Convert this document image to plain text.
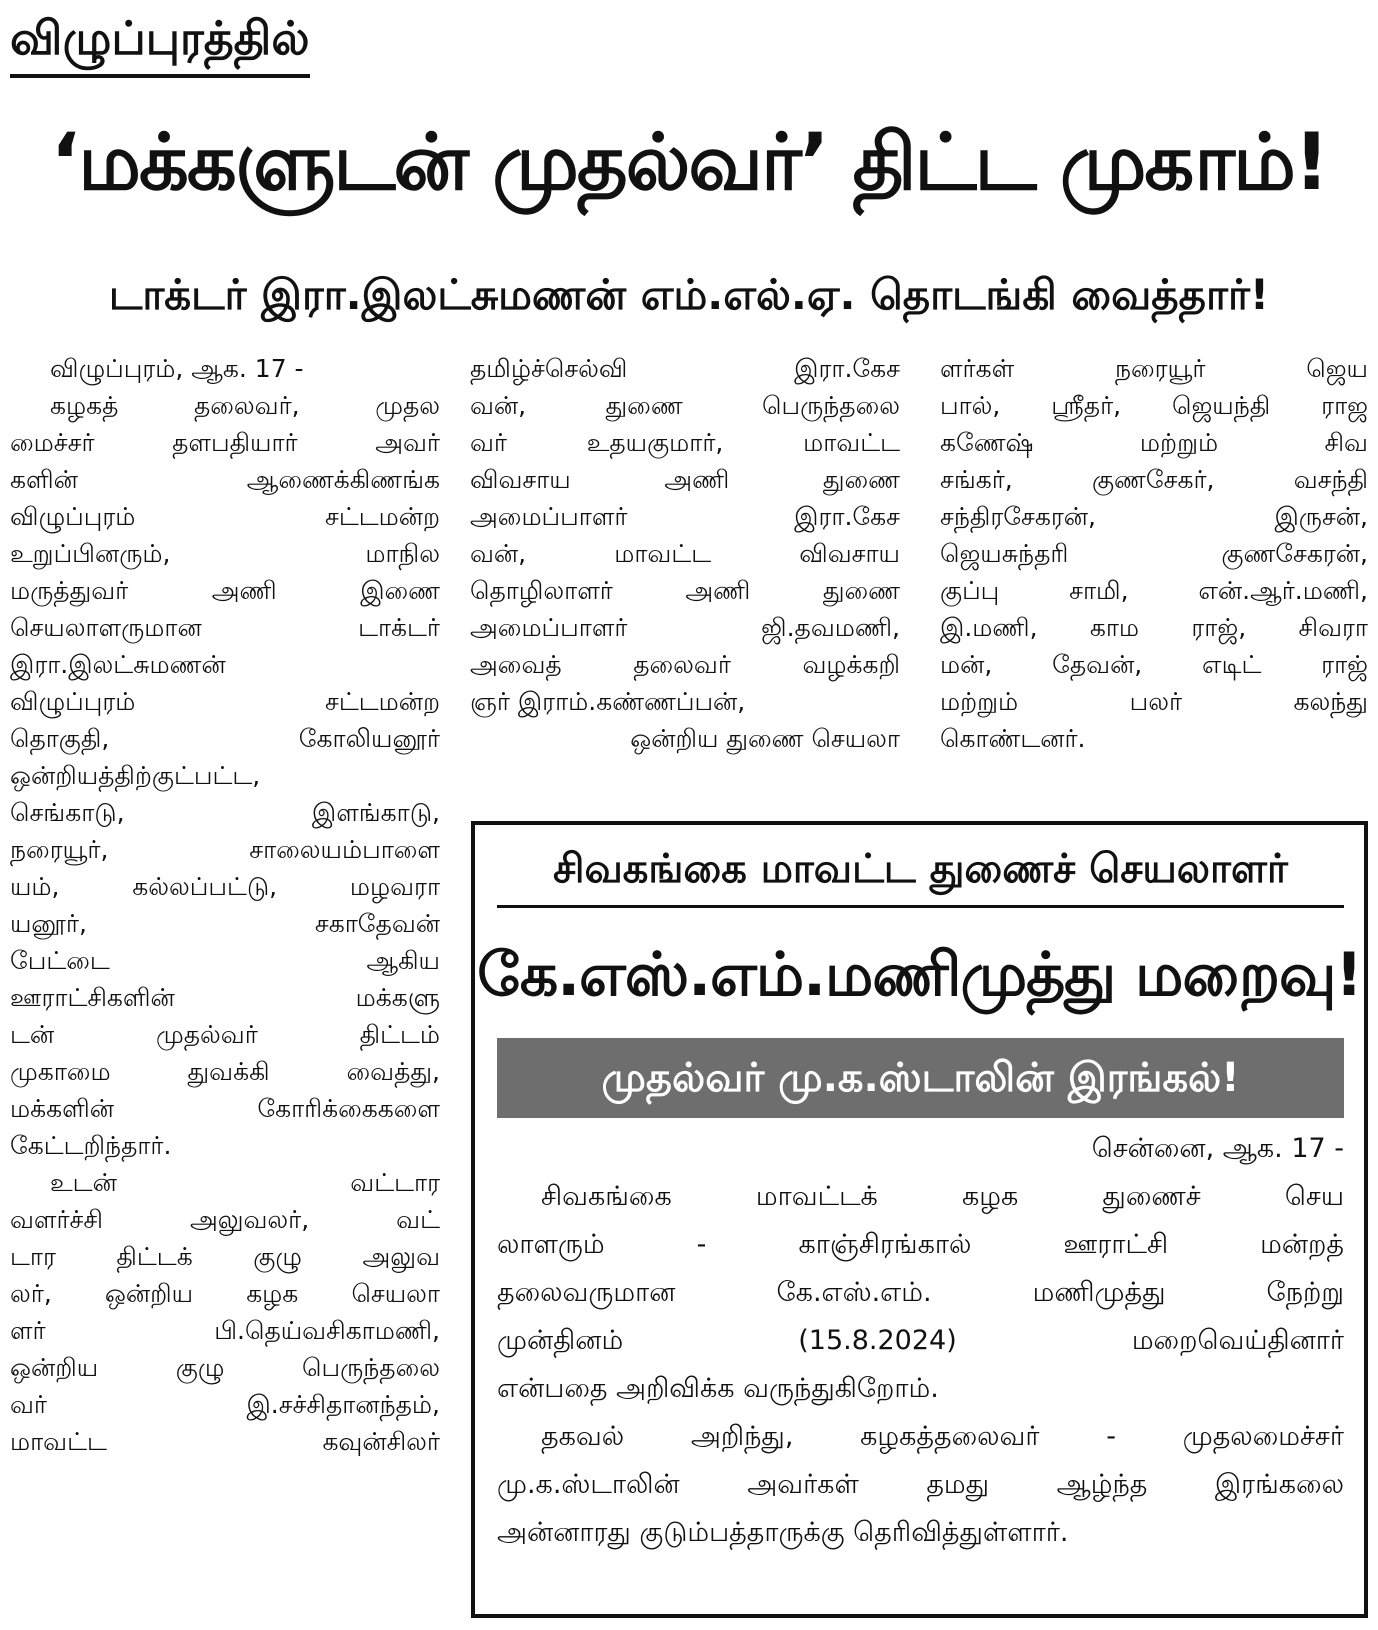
விழுப்புரத்தில்
‘மக்களுடன் முதல்வர்’ திட்ட முகாம்!
டாக்டர் இரா.இலட்சுமணன் எம்.எல்.ஏ. தொடங்கி வைத்தார்!

விழுப்புரம், ஆக. 17 -

கழகத் தலைவர், முதல

மைச்சர் தளபதியார் அவர்

களின் ஆணைக்கிணங்க

விழுப்புரம் சட்டமன்ற

உறுப்பினரும், மாநில

மருத்துவர் அணி இணை

செயலாளருமான டாக்டர்

இரா.இலட்சுமணன்

விழுப்புரம் சட்டமன்ற

தொகுதி, கோலியனூர்

ஒன்றியத்திற்குட்பட்ட,

செங்காடு, இளங்காடு,

நரையூர், சாலையம்பாளை

யம், கல்லப்பட்டு, மழவரா

யனூர், சகாதேவன்

பேட்டை ஆகிய

ஊராட்சிகளின் மக்களு

டன் முதல்வர் திட்டம்

முகாமை துவக்கி வைத்து,

மக்களின் கோரிக்கைகளை

கேட்டறிந்தார்.

உடன் வட்டார

வளர்ச்சி அலுவலர், வட்

டார திட்டக் குழு அலுவ

லர், ஒன்றிய கழக செயலா

ளர் பி.தெய்வசிகாமணி,

ஒன்றிய குழு பெருந்தலை

வர் இ.சச்சிதானந்தம்,

மாவட்ட கவுன்சிலர்

தமிழ்ச்செல்வி இரா.கேச

வன், துணை பெருந்தலை

வர் உதயகுமார், மாவட்ட

விவசாய அணி துணை

அமைப்பாளர் இரா.கேச

வன், மாவட்ட விவசாய

தொழிலாளர் அணி துணை

அமைப்பாளர் ஜி.தவமணி,

அவைத் தலைவர் வழக்கறி

ஞர் இராம்.கண்ணப்பன்,

ஒன்றிய துணை செயலா

ளர்கள் நரையூர் ஜெய

பால், ஸ்ரீதர், ஜெயந்தி ராஜ

கணேஷ் மற்றும் சிவ

சங்கர், குணசேகர், வசந்தி

சந்திரசேகரன், இருசன்,

ஜெயசுந்தரி குணசேகரன்,

குப்பு சாமி, என்.ஆர்.மணி,

இ.மணி, காம ராஜ், சிவரா

மன், தேவன், எடிட் ராஜ்

மற்றும் பலர் கலந்து

கொண்டனர்.

சிவகங்கை மாவட்ட துணைச் செயலாளர்
கே.எஸ்.எம்.மணிமுத்து மறைவு!
முதல்வர் மு.க.ஸ்டாலின் இரங்கல்!

சென்னை, ஆக. 17 -

சிவகங்கை மாவட்டக் கழக துணைச் செய

லாளரும் - காஞ்சிரங்கால் ஊராட்சி மன்றத்

தலைவருமான கே.எஸ்.எம். மணிமுத்து நேற்று

முன்தினம் (15.8.2024) மறைவெய்தினார்

என்பதை அறிவிக்க வருந்துகிறோம்.

தகவல் அறிந்து, கழகத்தலைவர் - முதலமைச்சர்

மு.க.ஸ்டாலின் அவர்கள் தமது ஆழ்ந்த இரங்கலை

அன்னாரது குடும்பத்தாருக்கு தெரிவித்துள்ளார்.
